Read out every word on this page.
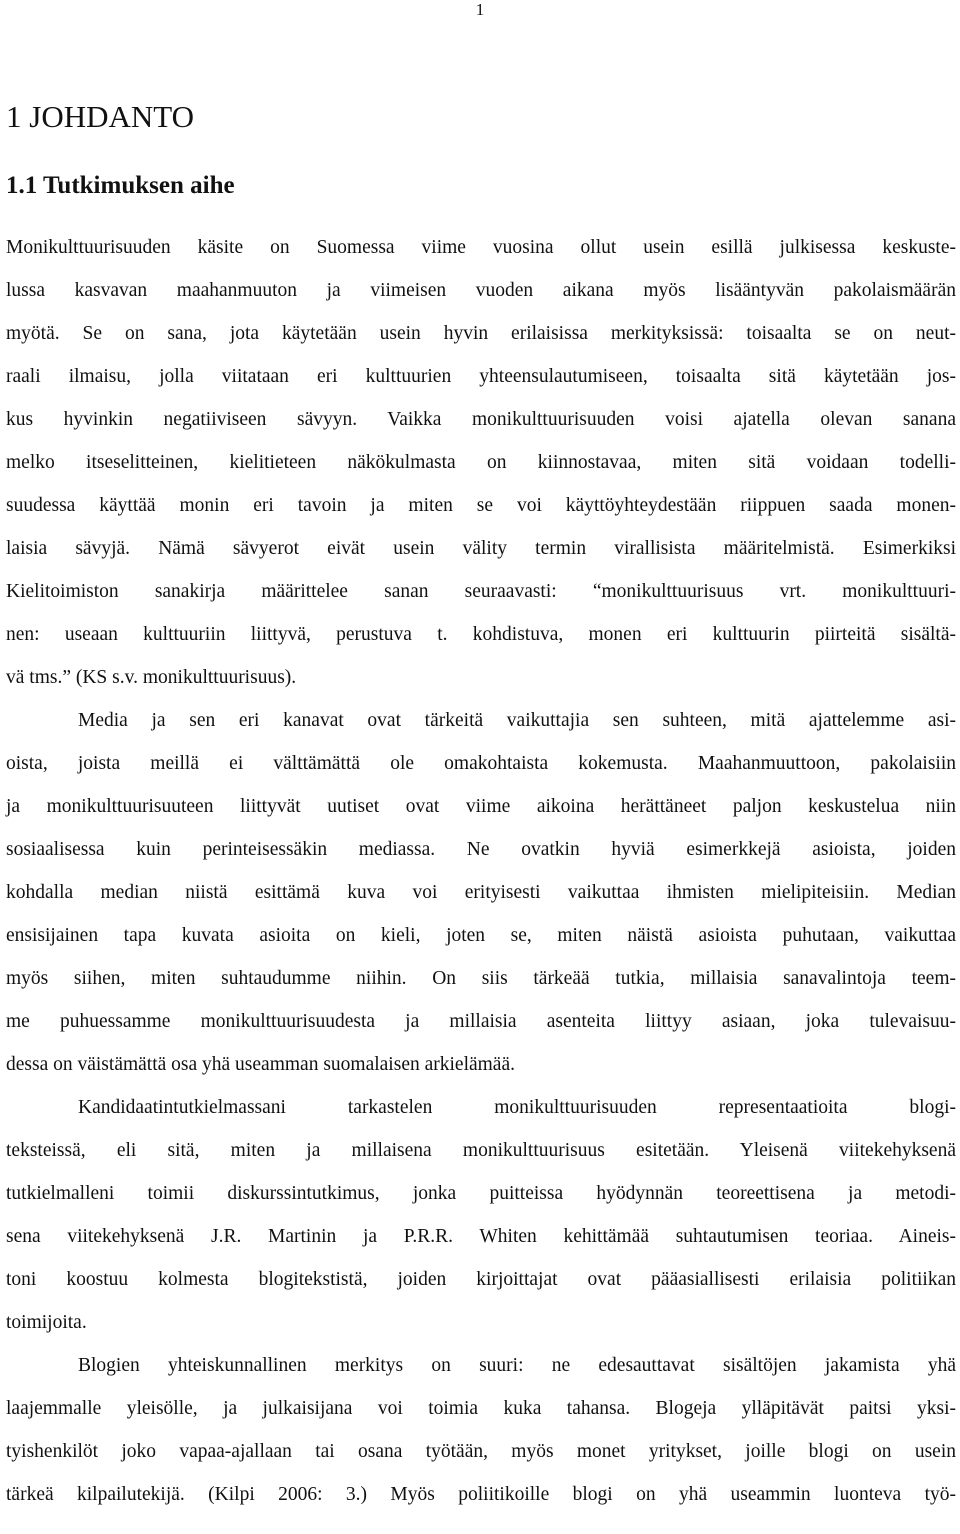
1
1 JOHDANTO
1.1 Tutkimuksen aihe

Monikulttuurisuuden käsite on Suomessa viime vuosina ollut usein esillä julkisessa keskuste-
lussa kasvavan maahanmuuton ja viimeisen vuoden aikana myös lisääntyvän pakolaismäärän
myötä. Se on sana, jota käytetään usein hyvin erilaisissa merkityksissä: toisaalta se on neut-
raali ilmaisu, jolla viitataan eri kulttuurien yhteensulautumiseen, toisaalta sitä käytetään jos-
kus hyvinkin negatiiviseen sävyyn. Vaikka monikulttuurisuuden voisi ajatella olevan sanana
melko itseselitteinen, kielitieteen näkökulmasta on kiinnostavaa, miten sitä voidaan todelli-
suudessa käyttää monin eri tavoin ja miten se voi käyttöyhteydestään riippuen saada monen-
laisia sävyjä. Nämä sävyerot eivät usein välity termin virallisista määritelmistä. Esimerkiksi
Kielitoimiston sanakirja määrittelee sanan seuraavasti: “monikulttuurisuus vrt. monikulttuuri-
nen: useaan kulttuuriin liittyvä, perustuva t. kohdistuva, monen eri kulttuurin piirteitä sisältä-
vä tms.” (KS s.v. monikulttuurisuus).

Media ja sen eri kanavat ovat tärkeitä vaikuttajia sen suhteen, mitä ajattelemme asi-
oista, joista meillä ei välttämättä ole omakohtaista kokemusta. Maahanmuuttoon, pakolaisiin
ja monikulttuurisuuteen liittyvät uutiset ovat viime aikoina herättäneet paljon keskustelua niin
sosiaalisessa kuin perinteisessäkin mediassa. Ne ovatkin hyviä esimerkkejä asioista, joiden
kohdalla median niistä esittämä kuva voi erityisesti vaikuttaa ihmisten mielipiteisiin. Median
ensisijainen tapa kuvata asioita on kieli, joten se, miten näistä asioista puhutaan, vaikuttaa
myös siihen, miten suhtaudumme niihin. On siis tärkeää tutkia, millaisia sanavalintoja teem-
me puhuessamme monikulttuurisuudesta ja millaisia asenteita liittyy asiaan, joka tulevaisuu-
dessa on väistämättä osa yhä useamman suomalaisen arkielämää.

Kandidaatintutkielmassani tarkastelen monikulttuurisuuden representaatioita blogi-
teksteissä, eli sitä, miten ja millaisena monikulttuurisuus esitetään. Yleisenä viitekehyksenä
tutkielmalleni toimii diskurssintutkimus, jonka puitteissa hyödynnän teoreettisena ja metodi-
sena viitekehyksenä J.R. Martinin ja P.R.R. Whiten kehittämää suhtautumisen teoriaa. Aineis-
toni koostuu kolmesta blogitekstistä, joiden kirjoittajat ovat pääasiallisesti erilaisia politiikan
toimijoita.

Blogien yhteiskunnallinen merkitys on suuri: ne edesauttavat sisältöjen jakamista yhä
laajemmalle yleisölle, ja julkaisijana voi toimia kuka tahansa. Blogeja ylläpitävät paitsi yksi-
tyishenkilöt joko vapaa-ajallaan tai osana työtään, myös monet yritykset, joille blogi on usein
tärkeä kilpailutekijä. (Kilpi 2006: 3.) Myös poliitikoille blogi on yhä useammin luonteva työ-
